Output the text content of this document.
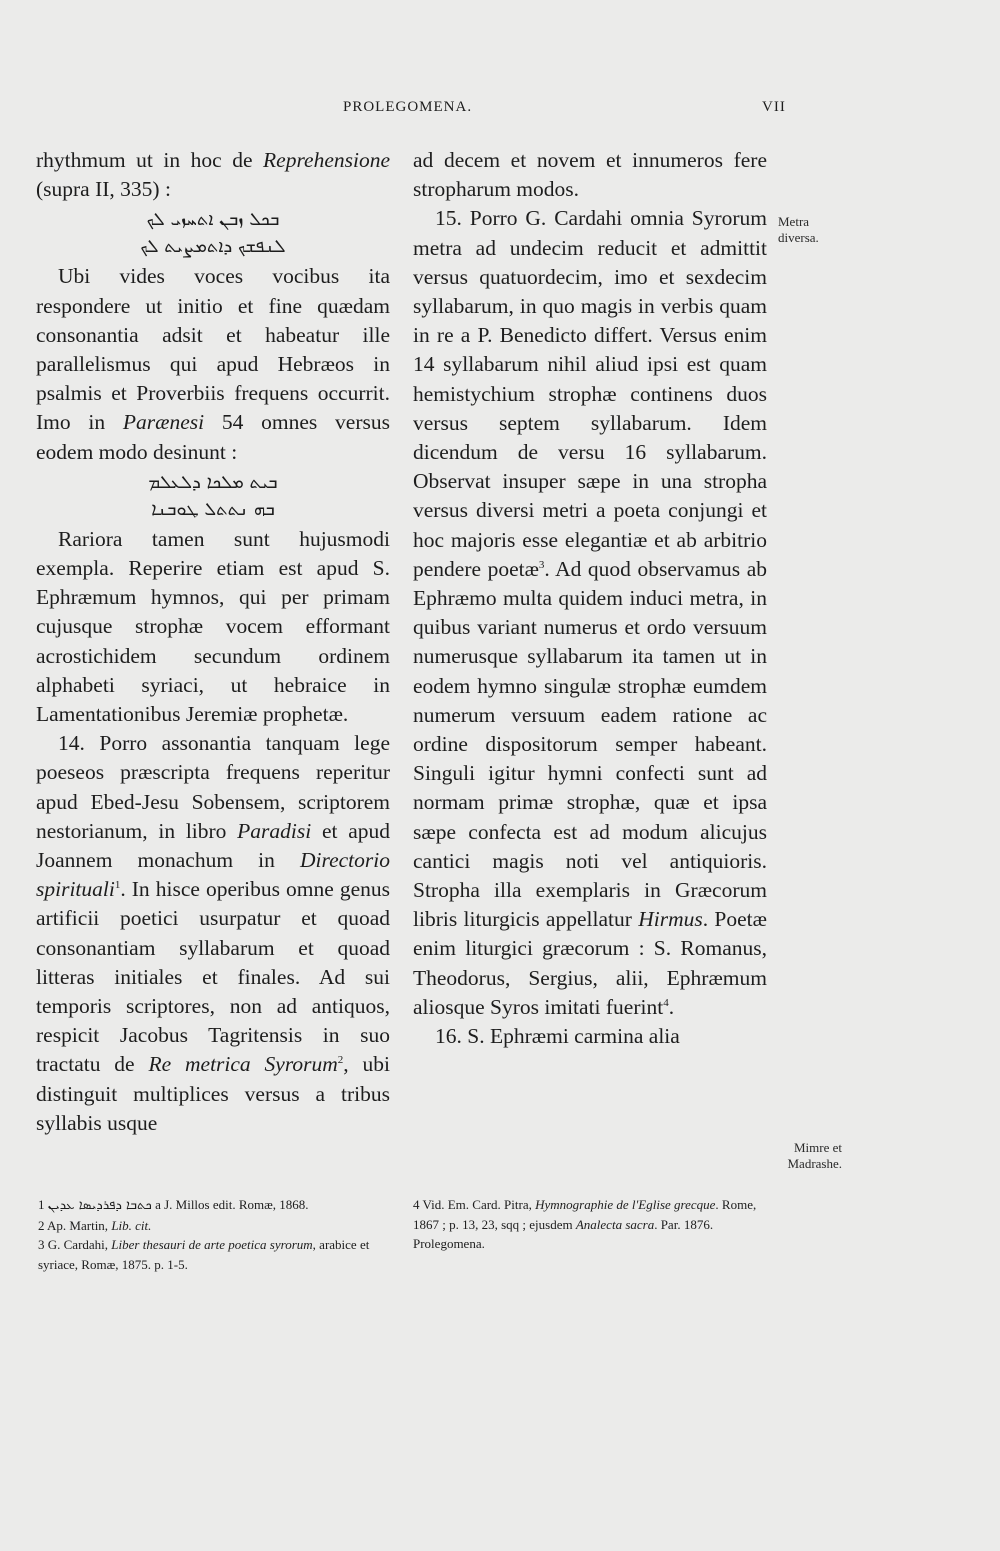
PROLEGOMENA.	VII

rhythmum ut in hoc de Reprehensione (supra II, 335) :

ܒܟܠ ܙܒܢ ܐܬܚܙܝ ܠܟ
ܠܢܦܫܟ ܕܐܬܡܨܝܬ ܠܟ

Ubi vides voces vocibus ita respondere ut initio et fine quædam consonantia adsit et habeatur ille parallelismus qui apud Hebræos in psalmis et Proverbiis frequens occurrit. Imo in Parænesi 54 omnes versus eodem modo desinunt :

ܒܝܬ ܡܠܟܐ ܕܠܥܠܡ
ܒܗ ܢܬܬܠ ܛܘܒܢܐ

Rariora tamen sunt hujusmodi exempla. Reperire etiam est apud S. Ephræmum hymnos, qui per primam cujusque strophæ vocem efformant acrostichidem secundum ordinem alphabeti syriaci, ut hebraice in Lamentationibus Jeremiæ prophetæ.

14. Porro assonantia tanquam lege poeseos præscripta frequens reperitur apud Ebed-Jesu Sobensem, scriptorem nestorianum, in libro Paradisi et apud Joannem monachum in Directorio spirituali$^1$. In hisce operibus omne genus artificii poetici usurpatur et quoad consonantiam syllabarum et quoad litteras initiales et finales. Ad sui temporis scriptores, non ad antiquos, respicit Jacobus Tagritensis in suo tractatu de Re metrica Syrorum$^2$, ubi distinguit multiplices versus a tribus syllabis usque

ad decem et novem et innumeros fere stropharum modos.

15. Porro G. Cardahi omnia Syrorum metra ad undecim reducit et admittit versus quatuordecim, imo et sexdecim syllabarum, in quo magis in verbis quam in re a P. Benedicto differt. Versus enim 14 syllabarum nihil aliud ipsi est quam hemistychium strophæ continens duos versus septem syllabarum. Idem dicendum de versu 16 syllabarum. Observat insuper sæpe in una stropha versus diversi metri a poeta conjungi et hoc majoris esse elegantiæ et ab arbitrio pendere poetæ$^3$. Ad quod observamus ab Ephræmo multa quidem induci metra, in quibus variant numerus et ordo versuum numerusque syllabarum ita tamen ut in eodem hymno singulæ strophæ eumdem numerum versuum eadem ratione ac ordine dispositorum semper habeant. Singuli igitur hymni confecti sunt ad normam primæ strophæ, quæ et ipsa sæpe confecta est ad modum alicujus cantici magis noti vel antiquioris. Stropha illa exemplaris in Græcorum libris liturgicis appellatur Hirmus. Poetæ enim liturgici græcorum : S. Romanus, Theodorus, Sergius, alii, Ephræmum aliosque Syros imitati fuerint$^4$.

16. S. Ephræmi carmina alia

Metra diversa.
Mimre et Madrashe.

1 ܟܬܒܐ ܕܦܪܕܝܣܐ ܥܕܝܢ a J. Millos edit. Romæ, 1868.

2 Ap. Martin, Lib. cit.

3 G. Cardahi, Liber thesauri de arte poetica syrorum, arabice et syriace, Romæ, 1875. p. 1-5.

4 Vid. Em. Card. Pitra, Hymnographie de l'Eglise grecque. Rome, 1867 ; p. 13, 23, sqq ; ejusdem Analecta sacra. Par. 1876. Prolegomena.
